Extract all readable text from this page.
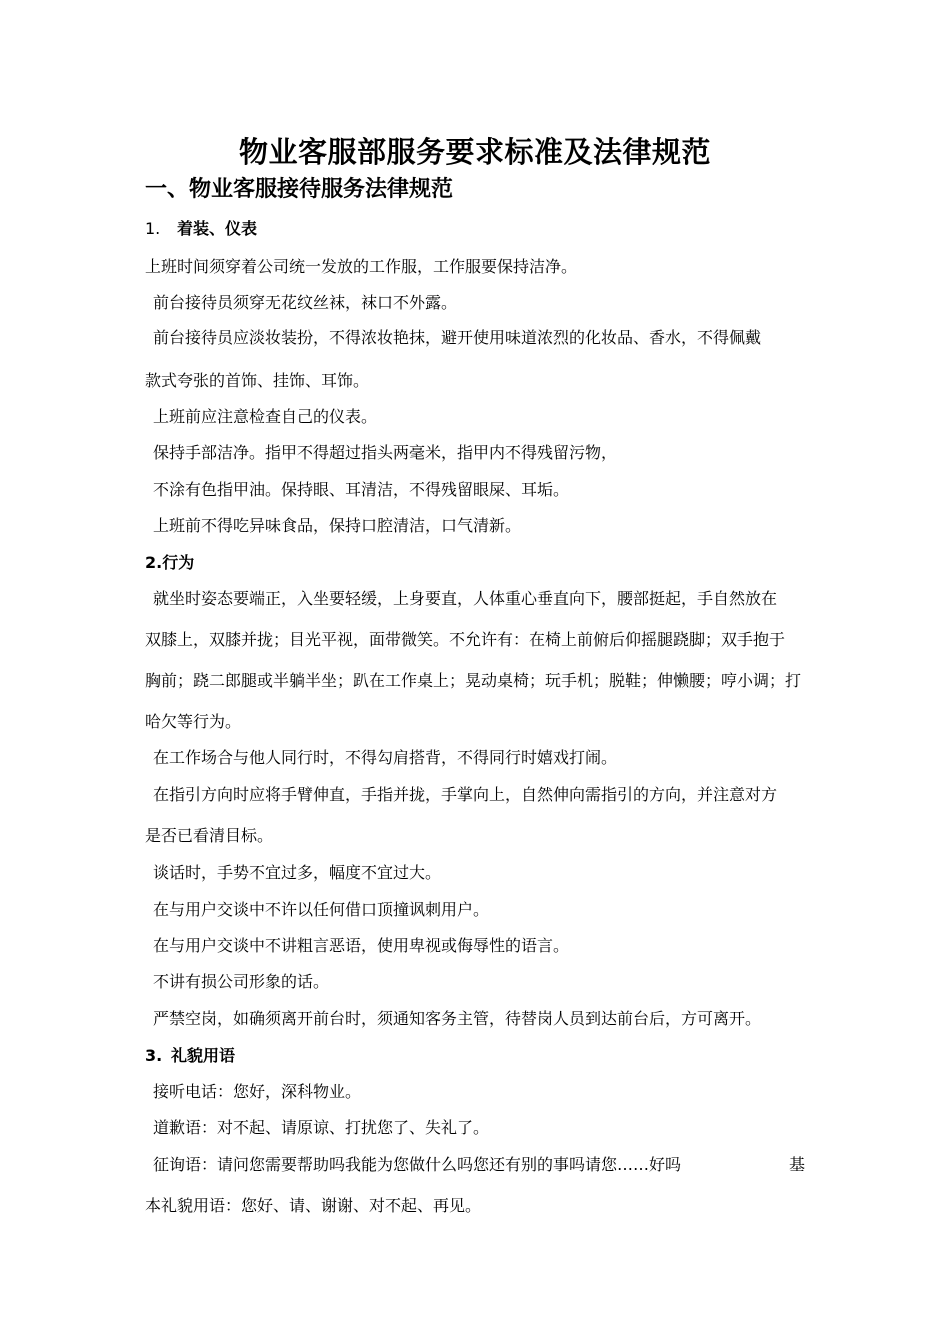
物业客服部服务要求标准及法律规范
一、物业客服接待服务法律规范
1. 着装、仪表
上班时间须穿着公司统一发放的工作服，工作服要保持洁净。
前台接待员须穿无花纹丝袜，袜口不外露。
前台接待员应淡妆装扮，不得浓妆艳抹，避开使用味道浓烈的化妆品、香水，不得佩戴
款式夸张的首饰、挂饰、耳饰。
上班前应注意检查自己的仪表。
保持手部洁净。指甲不得超过指头两毫米，指甲内不得残留污物，
不涂有色指甲油。保持眼、耳清洁，不得残留眼屎、耳垢。
上班前不得吃异味食品，保持口腔清洁，口气清新。
2.行为
就坐时姿态要端正，入坐要轻缓，上身要直，人体重心垂直向下，腰部挺起，手自然放在
双膝上，双膝并拢；目光平视，面带微笑。不允许有：在椅上前俯后仰摇腿跷脚；双手抱于
胸前；跷二郎腿或半躺半坐；趴在工作桌上；晃动桌椅；玩手机；脱鞋；伸懒腰；哼小调；打
哈欠等行为。
在工作场合与他人同行时，不得勾肩搭背，不得同行时嬉戏打闹。
在指引方向时应将手臂伸直，手指并拢，手掌向上，自然伸向需指引的方向，并注意对方
是否已看清目标。
谈话时，手势不宜过多，幅度不宜过大。
在与用户交谈中不许以任何借口顶撞讽刺用户。
在与用户交谈中不讲粗言恶语，使用卑视或侮辱性的语言。
不讲有损公司形象的话。
严禁空岗，如确须离开前台时，须通知客务主管，待替岗人员到达前台后，方可离开。
3. 礼貌用语
接听电话：您好，深科物业。
道歉语：对不起、请原谅、打扰您了、失礼了。
征询语：请问您需要帮助吗我能为您做什么吗您还有别的事吗请您……好吗	基
本礼貌用语：您好、请、谢谢、对不起、再见。
